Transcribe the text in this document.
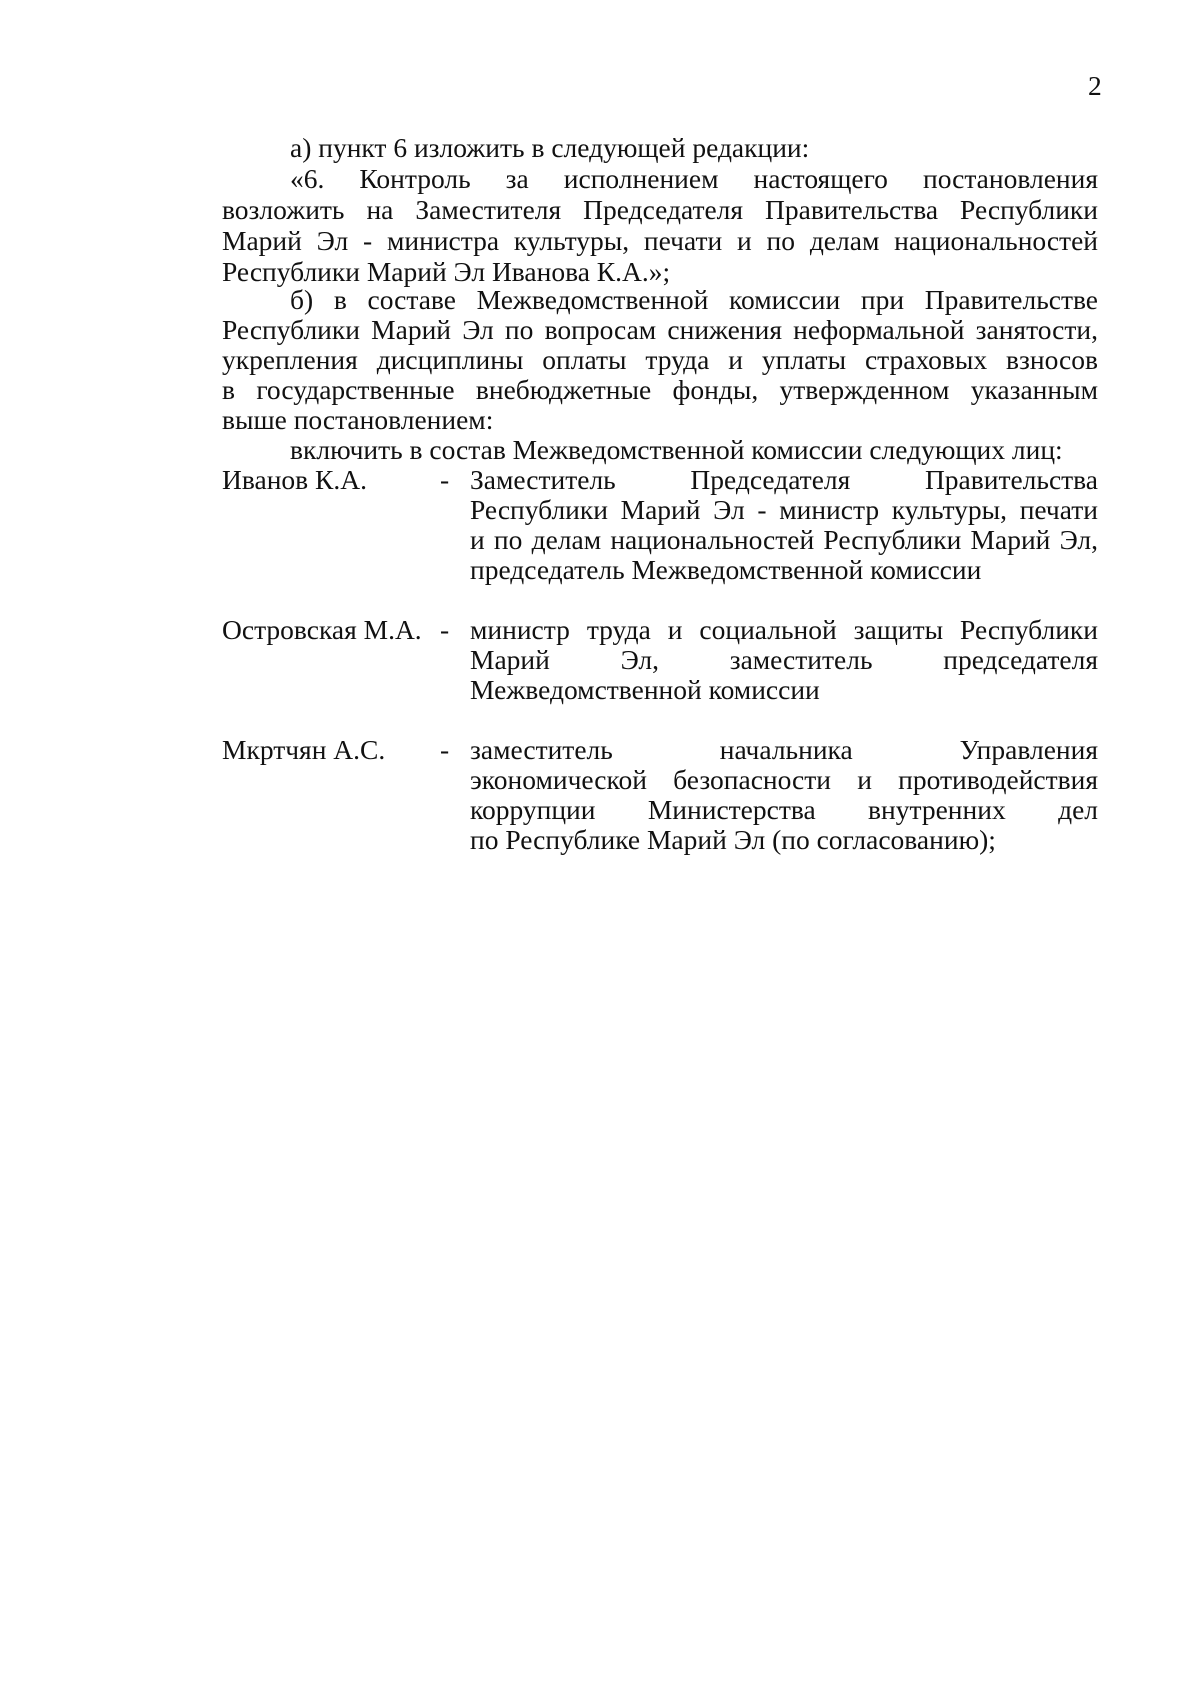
2
а) пункт 6 изложить в следующей редакции:
«6. Контроль за исполнением настоящего постановления
возложить на Заместителя Председателя Правительства Республики
Марий Эл - министра культуры, печати и по делам национальностей
Республики Марий Эл Иванова К.А.»;
б) в составе Межведомственной комиссии при Правительстве
Республики Марий Эл по вопросам снижения неформальной занятости,
укрепления дисциплины оплаты труда и уплаты страховых взносов
в государственные внебюджетные фонды, утвержденном указанным
выше постановлением:
включить в состав Межведомственной комиссии следующих лиц:
Иванов К.А.	- Заместитель Председателя Правительства
Республики Марий Эл - министр культуры, печати
и по делам национальностей Республики Марий Эл,
председатель Межведомственной комиссии
Островская М.А. - министр труда и социальной защиты Республики
Марий Эл, заместитель председателя
Межведомственной комиссии
Мкртчян А.С. - заместитель начальника Управления
экономической безопасности и противодействия
коррупции Министерства внутренних дел
по Республике Марий Эл (по согласованию);
